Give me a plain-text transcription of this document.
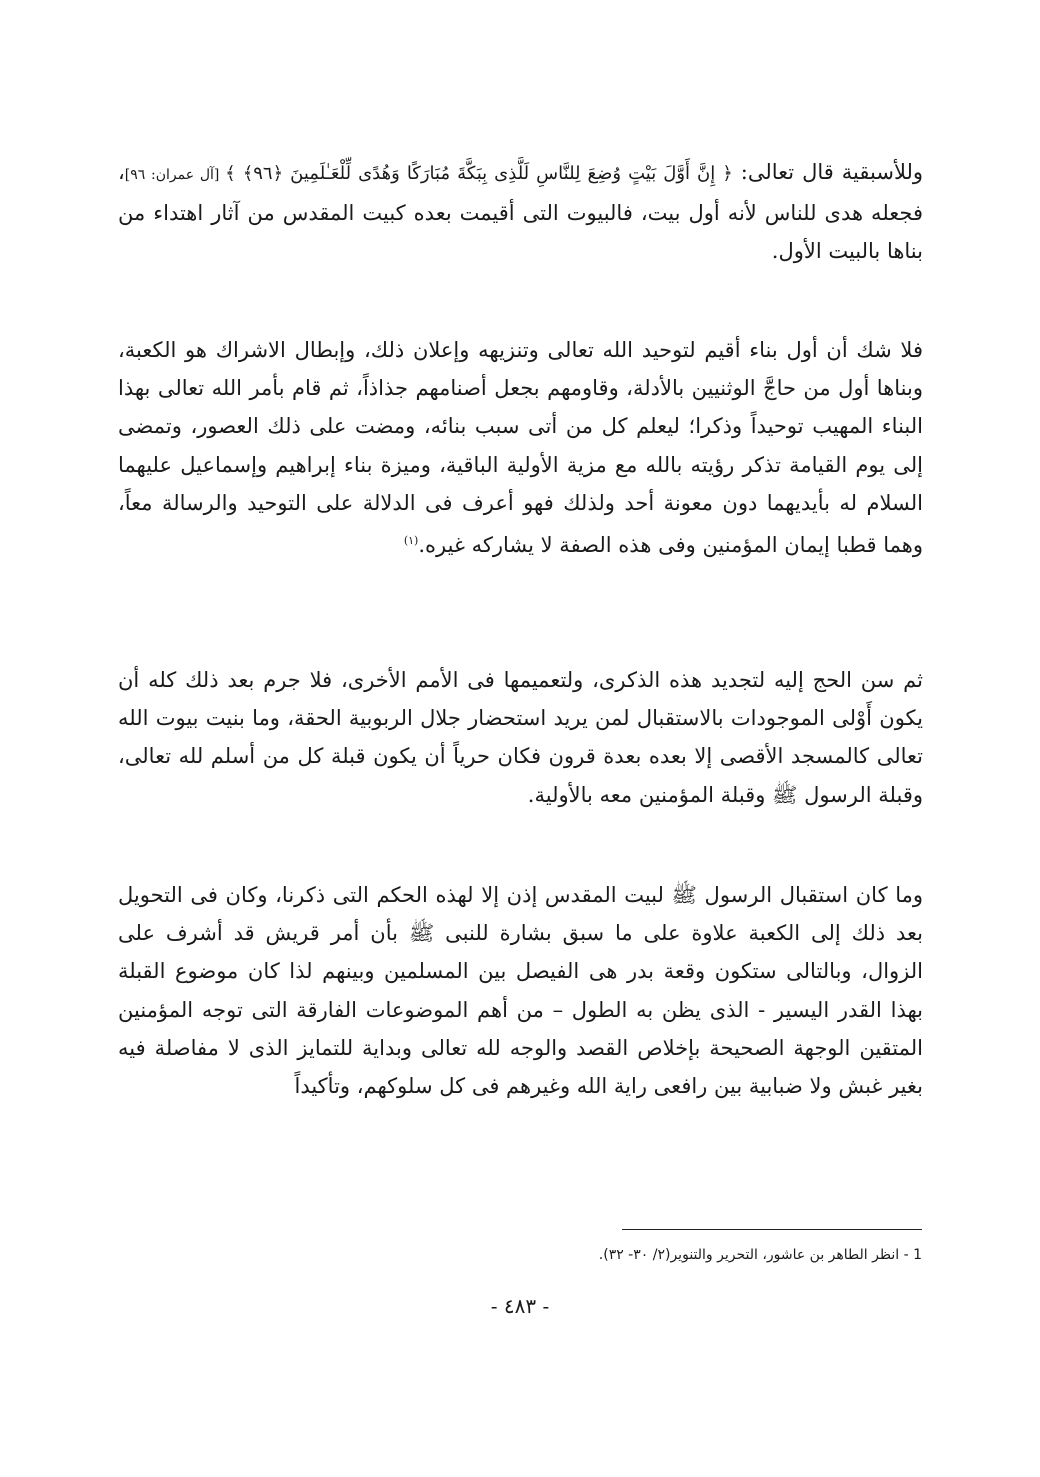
وللأسبقية قال تعالى: ﴿ إِنَّ أَوَّلَ بَيْتٍ وُضِعَ لِلنَّاسِ لَلَّذِى بِبَكَّةَ مُبَارَكًا وَهُدًى لِّلْعَـٰلَمِينَ ﴿٩٦﴾ ﴾ [آل عمران: ٩٦]، فجعله هدى للناس لأنه أول بيت، فالبيوت التى أقيمت بعده كبيت المقدس من آثار اهتداء من بناها بالبيت الأول.

فلا شك أن أول بناء أقيم لتوحيد الله تعالى وتنزيهه وإعلان ذلك، وإبطال الاشراك هو الكعبة، وبناها أول من حاجَّ الوثنيين بالأدلة، وقاومهم بجعل أصنامهم جذاذاً، ثم قام بأمر الله تعالى بهذا البناء المهيب توحيداً وذكرا؛ ليعلم كل من أتى سبب بنائه، ومضت على ذلك العصور، وتمضى إلى يوم القيامة تذكر رؤيته بالله مع مزية الأولية الباقية، وميزة بناء إبراهيم وإسماعيل عليهما السلام له بأيديهما دون معونة أحد ولذلك فهو أعرف فى الدلالة على التوحيد والرسالة معاً، وهما قطبا إيمان المؤمنين وفى هذه الصفة لا يشاركه غيره.$^{(١)}$

ثم سن الحج إليه لتجديد هذه الذكرى، ولتعميمها فى الأمم الأخرى، فلا جرم بعد ذلك كله أن يكون أَوْلى الموجودات بالاستقبال لمن يريد استحضار جلال الربوبية الحقة، وما بنيت بيوت الله تعالى كالمسجد الأقصى إلا بعده بعدة قرون فكان حرياً أن يكون قبلة كل من أسلم لله تعالى، وقبلة الرسول ﷺ وقبلة المؤمنين معه بالأولية.

وما كان استقبال الرسول ﷺ لبيت المقدس إذن إلا لهذه الحكم التى ذكرنا، وكان فى التحويل بعد ذلك إلى الكعبة علاوة على ما سبق بشارة للنبى ﷺ بأن أمر قريش قد أشرف على الزوال، وبالتالى ستكون وقعة بدر هى الفيصل بين المسلمين وبينهم لذا كان موضوع القبلة بهذا القدر اليسير - الذى يظن به الطول – من أهم الموضوعات الفارقة التى توجه المؤمنين المتقين الوجهة الصحيحة بإخلاص القصد والوجه لله تعالى وبداية للتمايز الذى لا مفاصلة فيه بغير غبش ولا ضبابية بين رافعى راية الله وغيرهم فى كل سلوكهم، وتأكيداً

1 - انظر الطاهر بن عاشور، التحرير والتنوير(٢/ ٣٠- ٣٢).
- ٤٨٣ -
